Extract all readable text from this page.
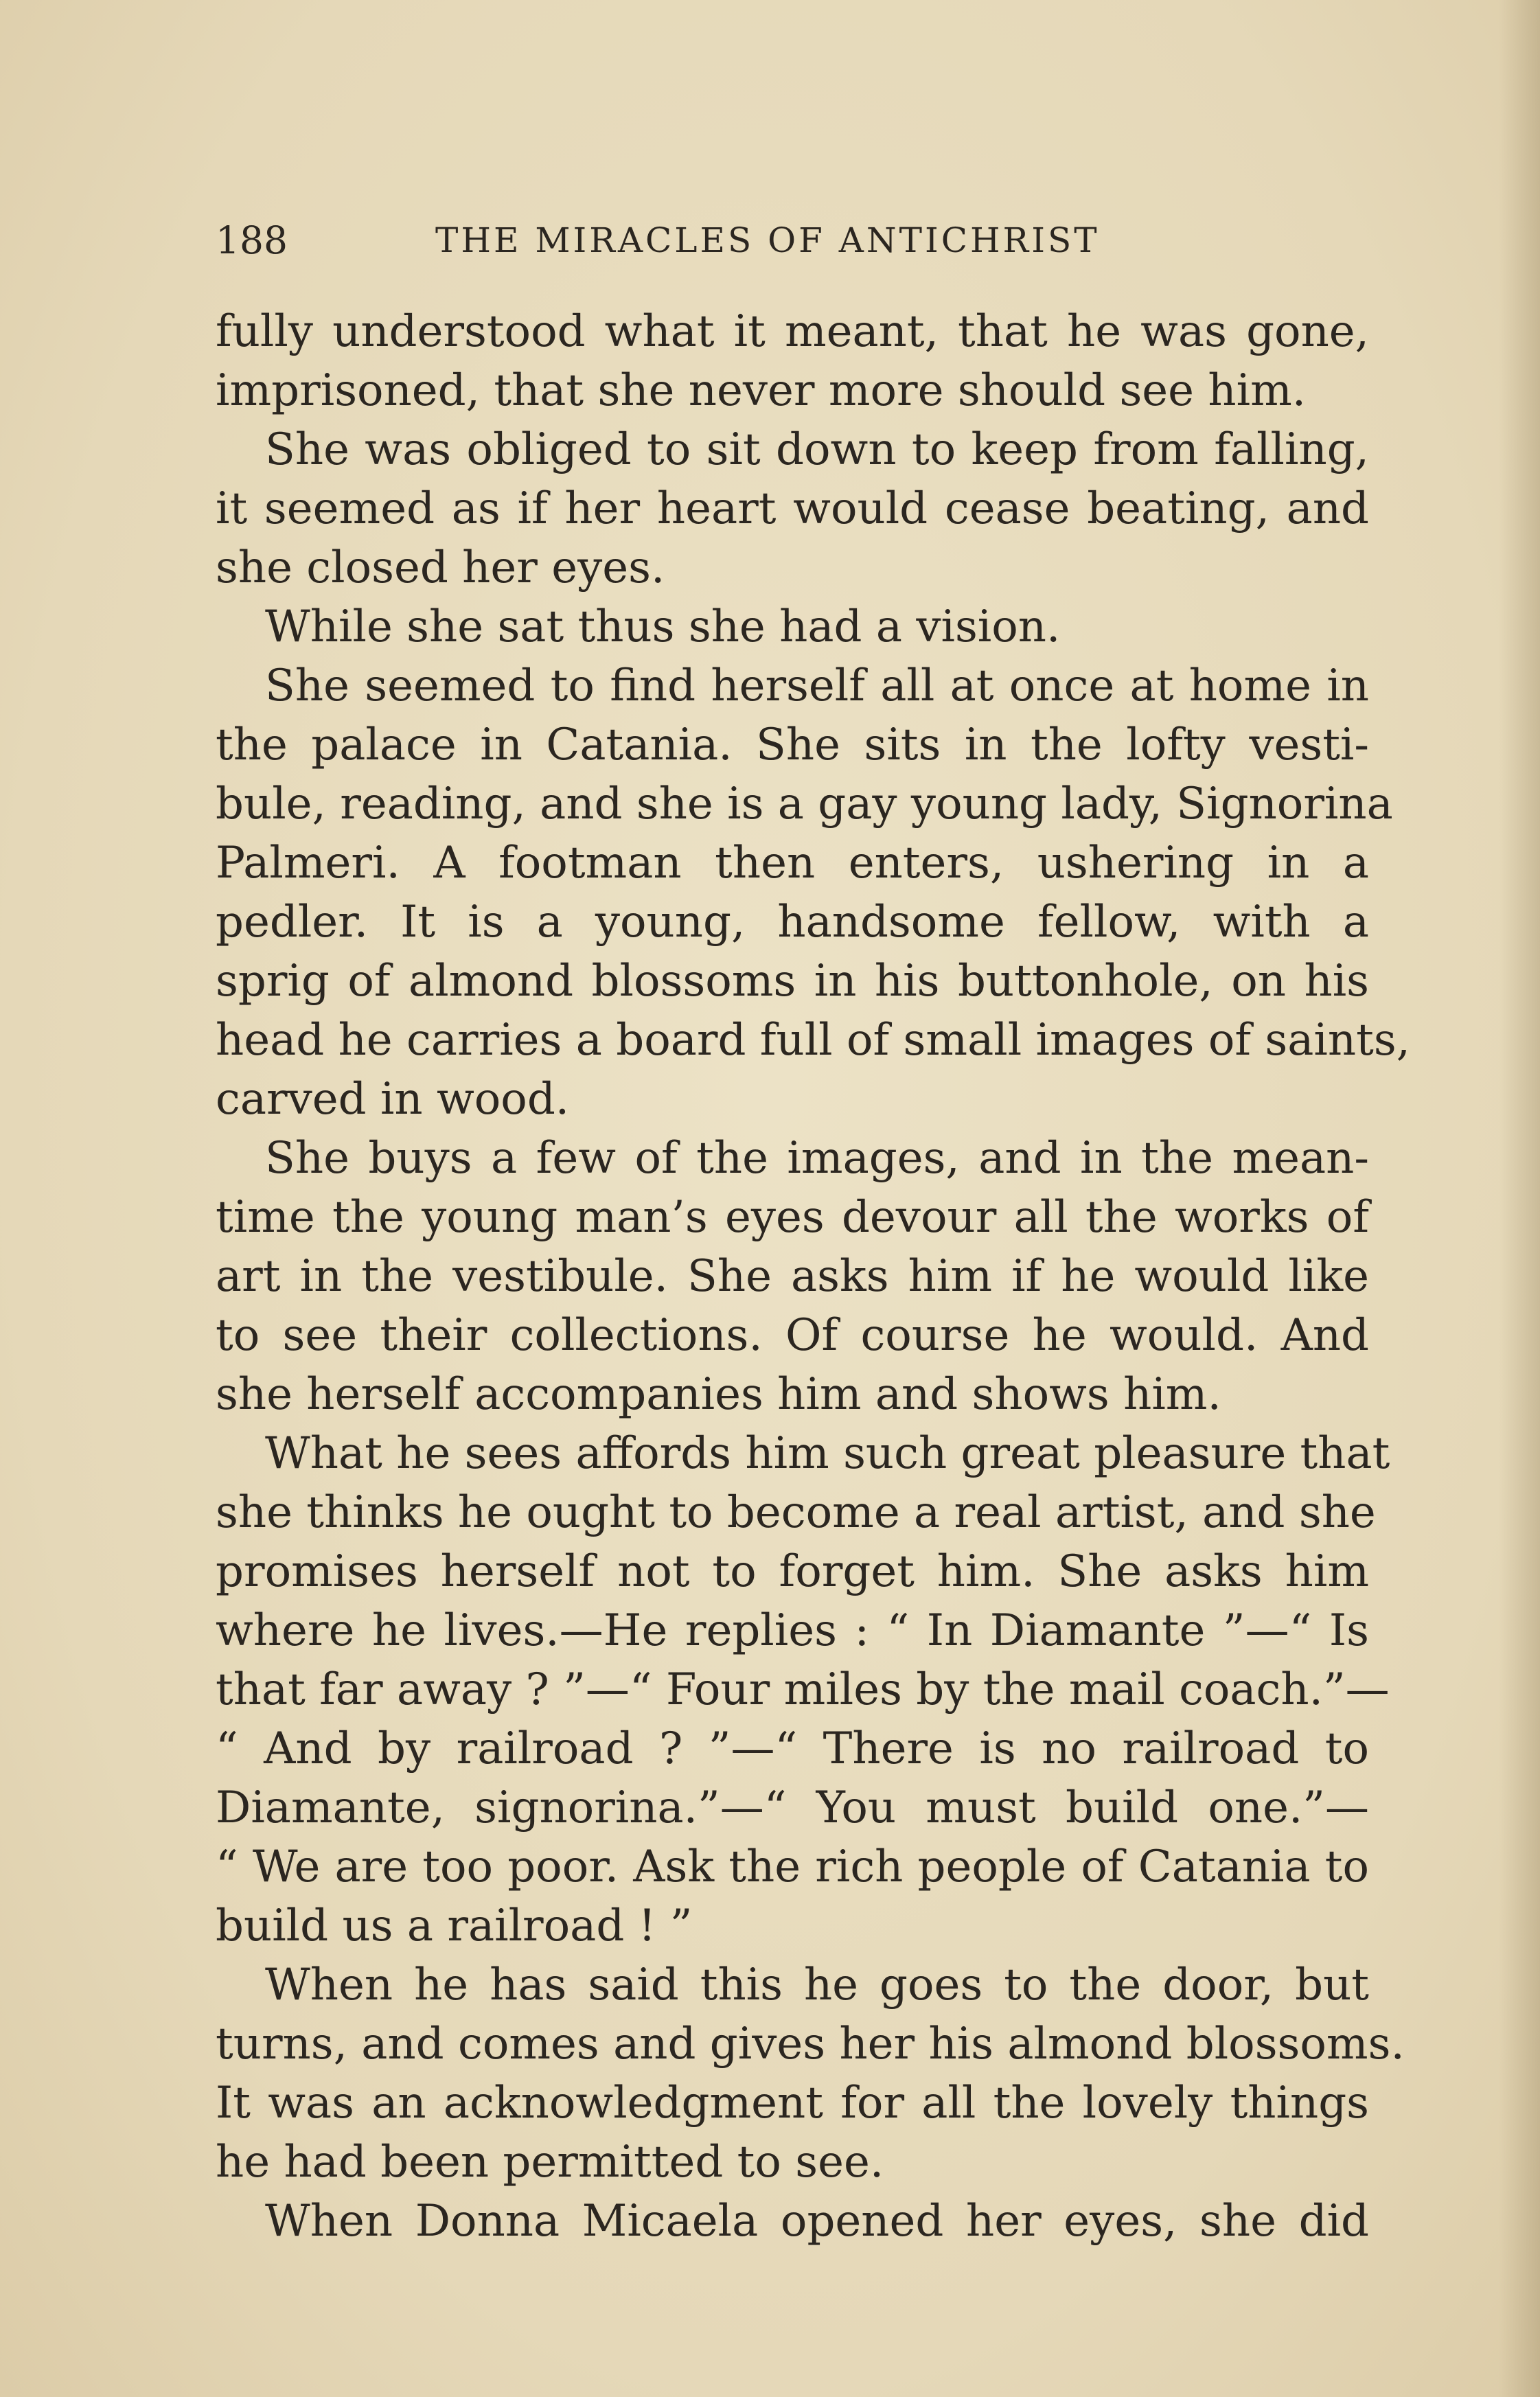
188	THE MIRACLES OF ANTICHRIST
fully understood what it meant, that he was gone,
imprisoned, that she never more should see him.
She was obliged to sit down to keep from falling,
it seemed as if her heart would cease beating, and
she closed her eyes.
While she sat thus she had a vision.
She seemed to find herself all at once at home in
the palace in Catania. She sits in the lofty vesti-
bule, reading, and she is a gay young lady, Signorina
Palmeri. A footman then enters, ushering in a
pedler. It is a young, handsome fellow, with a
sprig of almond blossoms in his buttonhole, on his
head he carries a board full of small images of saints,
carved in wood.
She buys a few of the images, and in the mean-
time the young man’s eyes devour all the works of
art in the vestibule. She asks him if he would like
to see their collections. Of course he would. And
she herself accompanies him and shows him.
What he sees affords him such great pleasure that
she thinks he ought to become a real artist, and she
promises herself not to forget him. She asks him
where he lives.—He replies : “ In Diamante ”—“ Is
that far away ? ”—“ Four miles by the mail coach.”—
“ And by railroad ? ”—“ There is no railroad to
Diamante, signorina.”—“ You must build one.”—
“ We are too poor. Ask the rich people of Catania to
build us a railroad ! ”
When he has said this he goes to the door, but
turns, and comes and gives her his almond blossoms.
It was an acknowledgment for all the lovely things
he had been permitted to see.
When Donna Micaela opened her eyes, she did
